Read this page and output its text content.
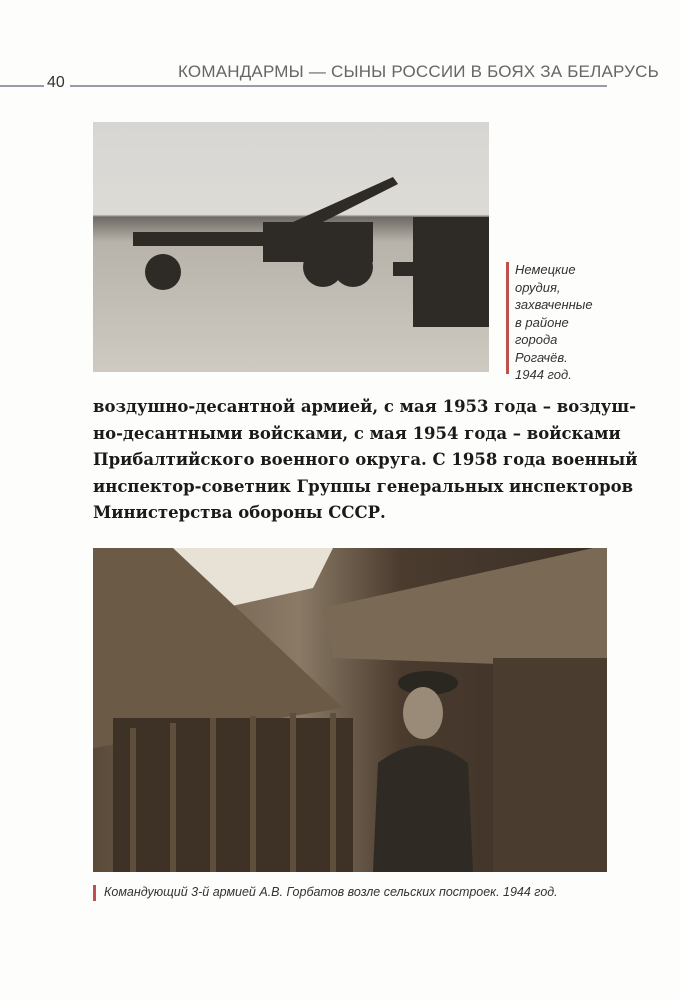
40
КОМАНДАРМЫ — СЫНЫ РОССИИ В БОЯХ ЗА БЕЛАРУСЬ
Немецкие
орудия,
захваченные
в районе
города
Рогачёв.
1944 год.
воздушно-десантной армией, с мая 1953 года – воздуш-
но-десантными войсками, с мая 1954 года – войсками
Прибалтийского военного округа. С 1958 года военный
инспектор-советник Группы генеральных инспекторов
Министерства обороны СССР.
Командующий 3-й армией А.В. Горбатов возле сельских построек. 1944 год.
